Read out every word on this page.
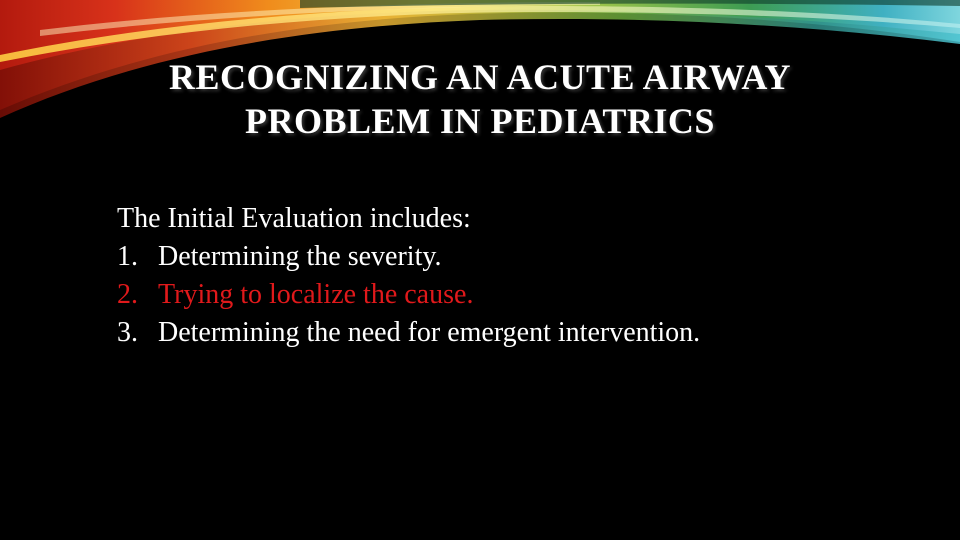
RECOGNIZING AN ACUTE AIRWAY
PROBLEM IN PEDIATRICS
The Initial Evaluation includes:
1. Determining the severity.
2. Trying to localize the cause.
3. Determining the need for emergent intervention.
